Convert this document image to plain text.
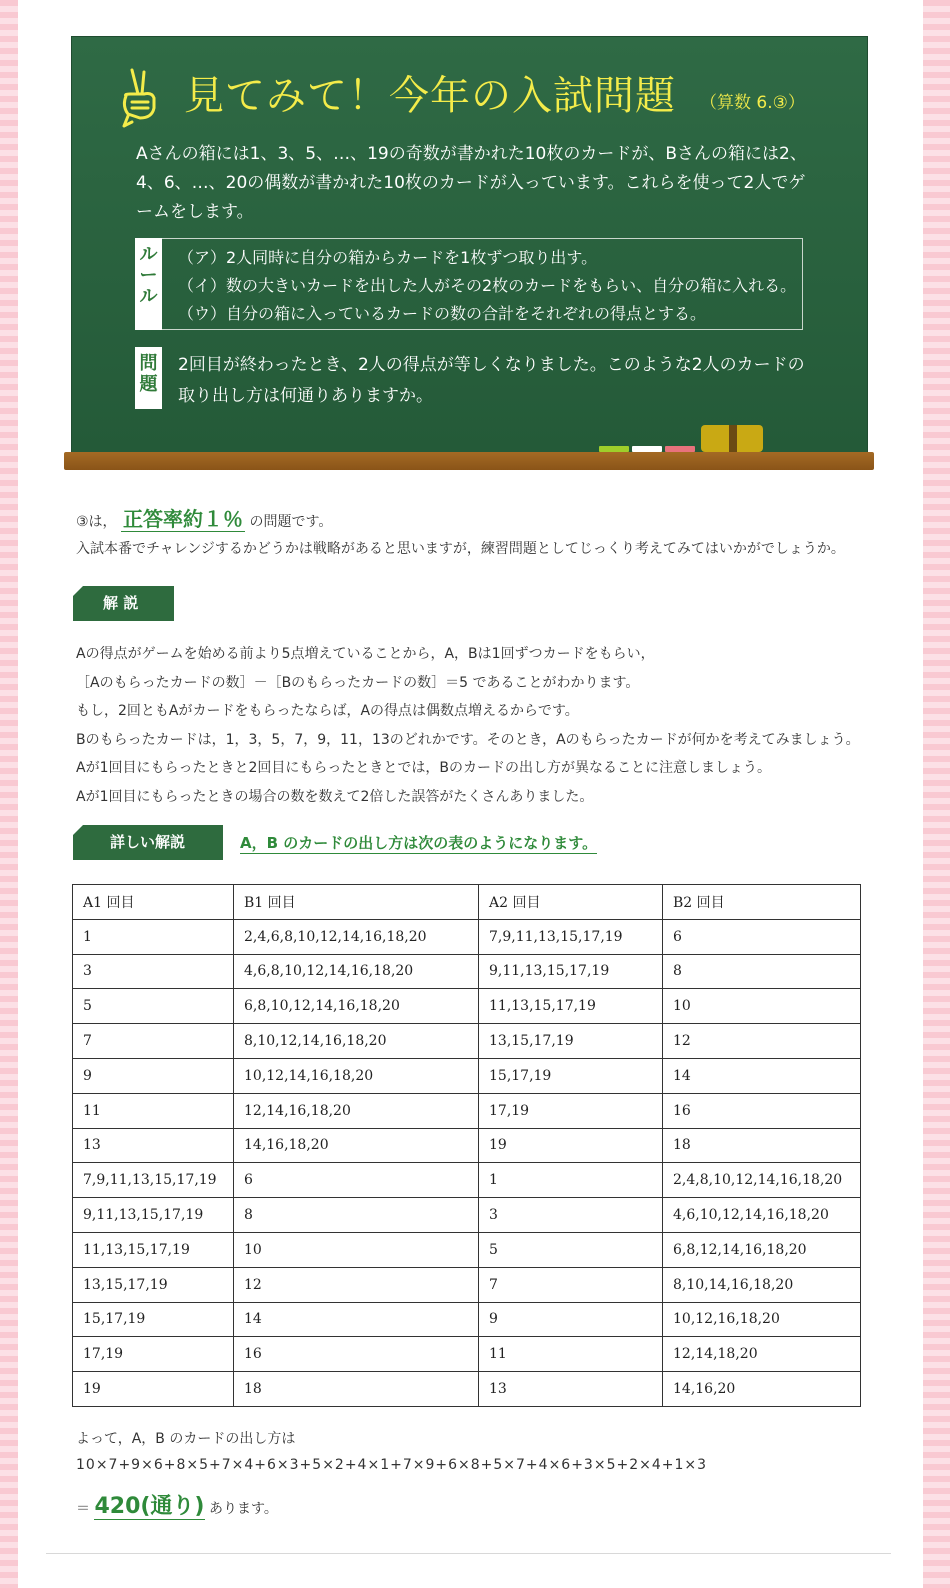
見てみて！今年の入試問題 （算数 6.③）
Aさんの箱には1、3、5、…、19の奇数が書かれた10枚のカードが、Bさんの箱には2、4、6、…、20の偶数が書かれた10枚のカードが入っています。これらを使って2人でゲームをします。
ルール
（ア）2人同時に自分の箱からカードを1枚ずつ取り出す。
（イ）数の大きいカードを出した人がその2枚のカードをもらい、自分の箱に入れる。
（ウ）自分の箱に入っているカードの数の合計をそれぞれの得点とする。
問題
2回目が終わったとき、2人の得点が等しくなりました。このような2人のカードの取り出し方は何通りありますか。
③は， 正答率約１％ の問題です。
入試本番でチャレンジするかどうかは戦略があると思いますが，練習問題としてじっくり考えてみてはいかがでしょうか。
解 説
Aの得点がゲームを始める前より5点増えていることから，A，Bは1回ずつカードをもらい，
［Aのもらったカードの数］－［Bのもらったカードの数］＝5 であることがわかります。
もし，2回ともAがカードをもらったならば，Aの得点は偶数点増えるからです。
Bのもらったカードは，1，3，5，7，9，11，13のどれかです。そのとき，Aのもらったカードが何かを考えてみましょう。
Aが1回目にもらったときと2回目にもらったときとでは，Bのカードの出し方が異なることに注意しましょう。
Aが1回目にもらったときの場合の数を数えて2倍した誤答がたくさんありました。
詳しい解説	A，B のカードの出し方は次の表のようになります。
A1 回目	B1 回目	A2 回目	B2 回目
1	2,4,6,8,10,12,14,16,18,20	7,9,11,13,15,17,19	6
3	4,6,8,10,12,14,16,18,20	9,11,13,15,17,19	8
5	6,8,10,12,14,16,18,20	11,13,15,17,19	10
7	8,10,12,14,16,18,20	13,15,17,19	12
9	10,12,14,16,18,20	15,17,19	14
11	12,14,16,18,20	17,19	16
13	14,16,18,20	19	18
7,9,11,13,15,17,19	6	1	2,4,8,10,12,14,16,18,20
9,11,13,15,17,19	8	3	4,6,10,12,14,16,18,20
11,13,15,17,19	10	5	6,8,12,14,16,18,20
13,15,17,19	12	7	8,10,14,16,18,20
15,17,19	14	9	10,12,16,18,20
17,19	16	11	12,14,18,20
19	18	13	14,16,20
よって，A，B のカードの出し方は
10×7+9×6+8×5+7×4+6×3+5×2+4×1+7×9+6×8+5×7+4×6+3×5+2×4+1×3
＝ 420(通り) あります。
